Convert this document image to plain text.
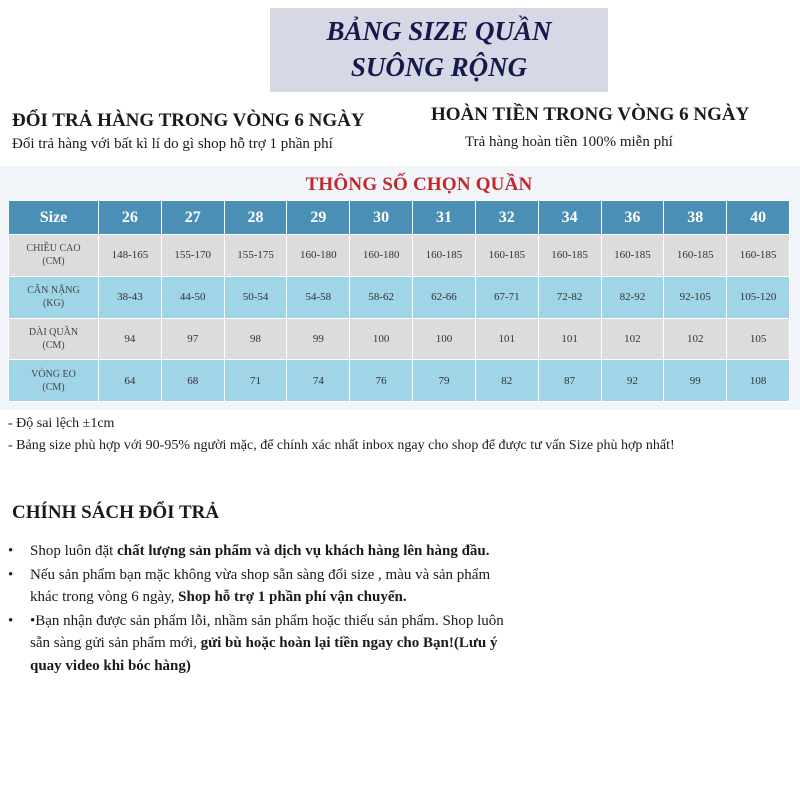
BẢNG SIZE QUẦN
SUÔNG RỘNG
ĐỔI TRẢ HÀNG TRONG VÒNG 6 NGÀY
Đổi trả hàng với bất kì lí do gì shop hỗ trợ 1 phần phí
HOÀN TIỀN TRONG VÒNG 6 NGÀY
Trả hàng hoàn tiền 100% miễn phí
THÔNG SỐ CHỌN QUẦN
Size	26	27	28	29	30	31	32	34	36	38	40

CHIỀU CAO
(CM)	148-165	155-170	155-175	160-180	160-180	160-185	160-185	160-185	160-185	160-185	160-185

CÂN NẶNG
(KG)	38-43	44-50	50-54	54-58	58-62	62-66	67-71	72-82	82-92	92-105	105-120

DÀI QUẦN
(CM)	94	97	98	99	100	100	101	101	102	102	105

VÒNG EO
(CM)	64	68	71	74	76	79	82	87	92	99	108
- Độ sai lệch ±1cm
- Bảng size phù hợp với 90-95% người mặc, để chính xác nhất inbox ngay cho shop để được tư vấn Size phù hợp nhất!
CHÍNH SÁCH ĐỔI TRẢ
• Shop luôn đặt chất lượng sản phẩm và dịch vụ khách hàng lên hàng đầu.
• Nếu sản phẩm bạn mặc không vừa shop sẵn sàng đổi size , màu và sản phẩm khác trong vòng 6 ngày, Shop hỗ trợ 1 phần phí vận chuyển.
• •Bạn nhận được sản phẩm lỗi, nhầm sản phẩm hoặc thiếu sản phẩm. Shop luôn sẵn sàng gửi sản phẩm mới, gửi bù hoặc hoàn lại tiền ngay cho Bạn!(Lưu ý quay video khi bóc hàng)
